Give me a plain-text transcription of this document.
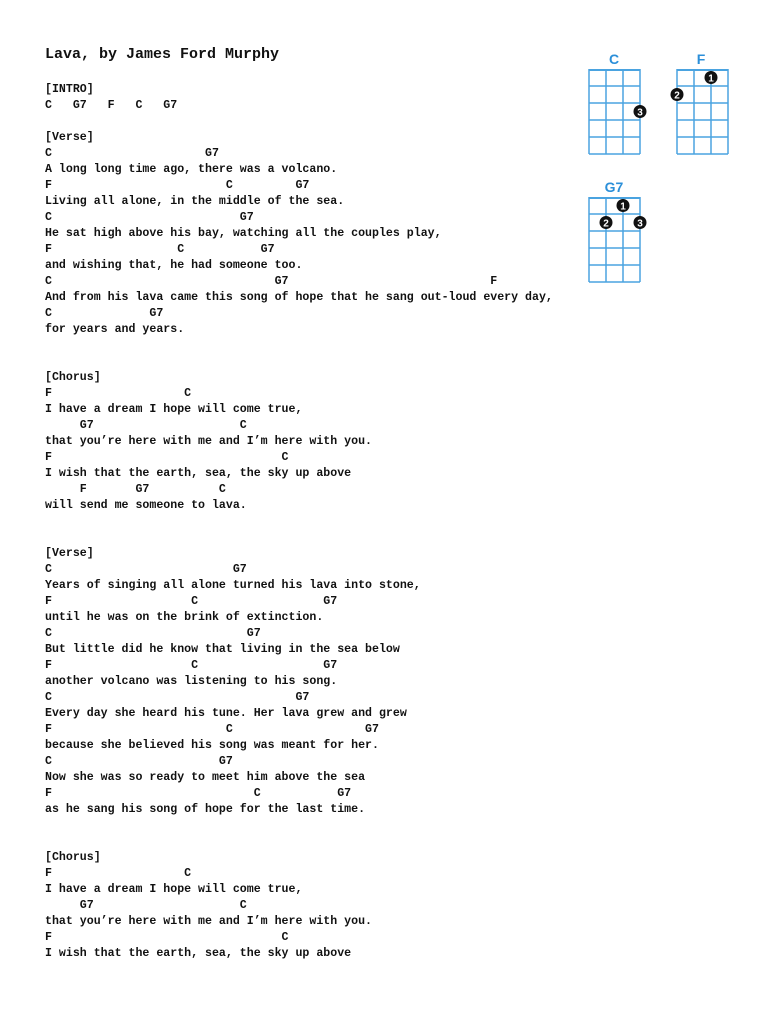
Lava, by James Ford Murphy
[INTRO]
C   G7   F   C   G7
[Verse]
C                      G7
A long long time ago, there was a volcano.
F                         C         G7
Living all alone, in the middle of the sea.
C                           G7
He sat high above his bay, watching all the couples play,
F                  C           G7
and wishing that, he had someone too.
C                                G7                             F
And from his lava came this song of hope that he sang out-loud every day,
C              G7
for years and years.
[Chorus]
F                   C
I have a dream I hope will come true,
G7                     C
that you’re here with me and I’m here with you.
F                                 C
I wish that the earth, sea, the sky up above
F       G7          C
will send me someone to lava.
[Verse]
C                          G7
Years of singing all alone turned his lava into stone,
F                    C                  G7
until he was on the brink of extinction.
C                            G7
But little did he know that living in the sea below
F                    C                  G7
another volcano was listening to his song.
C                                   G7
Every day she heard his tune. Her lava grew and grew
F                         C                   G7
because she believed his song was meant for her.
C                        G7
Now she was so ready to meet him above the sea
F                             C           G7
as he sang his song of hope for the last time.
[Chorus]
F                   C
I have a dream I hope will come true,
G7                     C
that you’re here with me and I’m here with you.
F                                 C
I wish that the earth, sea, the sky up above
C
3
F
1
2
G7
1
2	3
